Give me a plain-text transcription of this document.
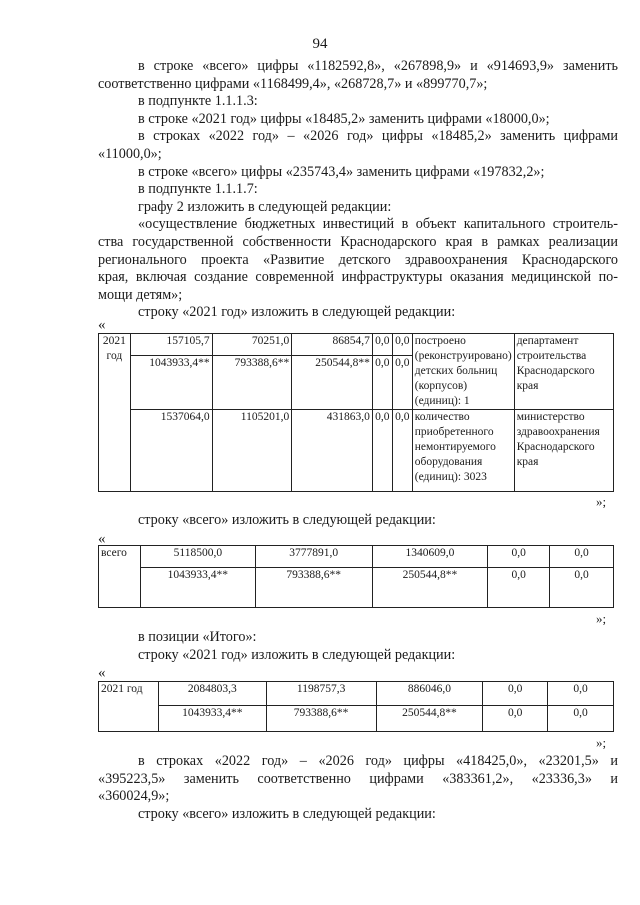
94

в строке «всего» цифры «1182592,8», «267898,9» и «914693,9» заменить

соответственно цифрами «1168499,4», «268728,7» и «899770,7»;

в подпункте 1.1.1.3:

в строке «2021 год» цифры «18485,2» заменить цифрами «18000,0»;

в строках «2022 год» – «2026 год» цифры «18485,2» заменить цифрами

«11000,0»;

в строке «всего» цифры «235743,4» заменить цифрами «197832,2»;

в подпункте 1.1.1.7:

графу 2 изложить в следующей редакции:

«осуществление бюджетных инвестиций в объект капитального строитель-

ства государственной собственности Краснодарского края в рамках реализации

регионального проекта «Развитие детского здравоохранения Краснодарского

края, включая создание современной инфраструктуры оказания медицинской по-

мощи детям»;

строку «2021 год» изложить в следующей редакции:

«
2021 год	157105,7	70251,0	86854,7	0,0	0,0	построено (реконструировано) детских больниц (корпусов) (единиц): 1	департамент строительства Краснодарского края
	1043933,4**	793388,6**	250544,8**	0,0	0,0		
	1537064,0	1105201,0	431863,0	0,0	0,0	количество приобретенного немонтируемого оборудования (единиц): 3023	министерство здравоохранения Краснодарского края
»;

строку «всего» изложить в следующей редакции:

«
всего	5118500,0	3777891,0	1340609,0	0,0	0,0
	1043933,4**	793388,6**	250544,8**	0,0	0,0
»;

в позиции «Итого»:

строку «2021 год» изложить в следующей редакции:

«
2021 год	2084803,3	1198757,3	886046,0	0,0	0,0
	1043933,4**	793388,6**	250544,8**	0,0	0,0
»;

в строках «2022 год» – «2026 год» цифры «418425,0», «23201,5» и

«395223,5» заменить соответственно цифрами «383361,2», «23336,3» и

«360024,9»;

строку «всего» изложить в следующей редакции:
